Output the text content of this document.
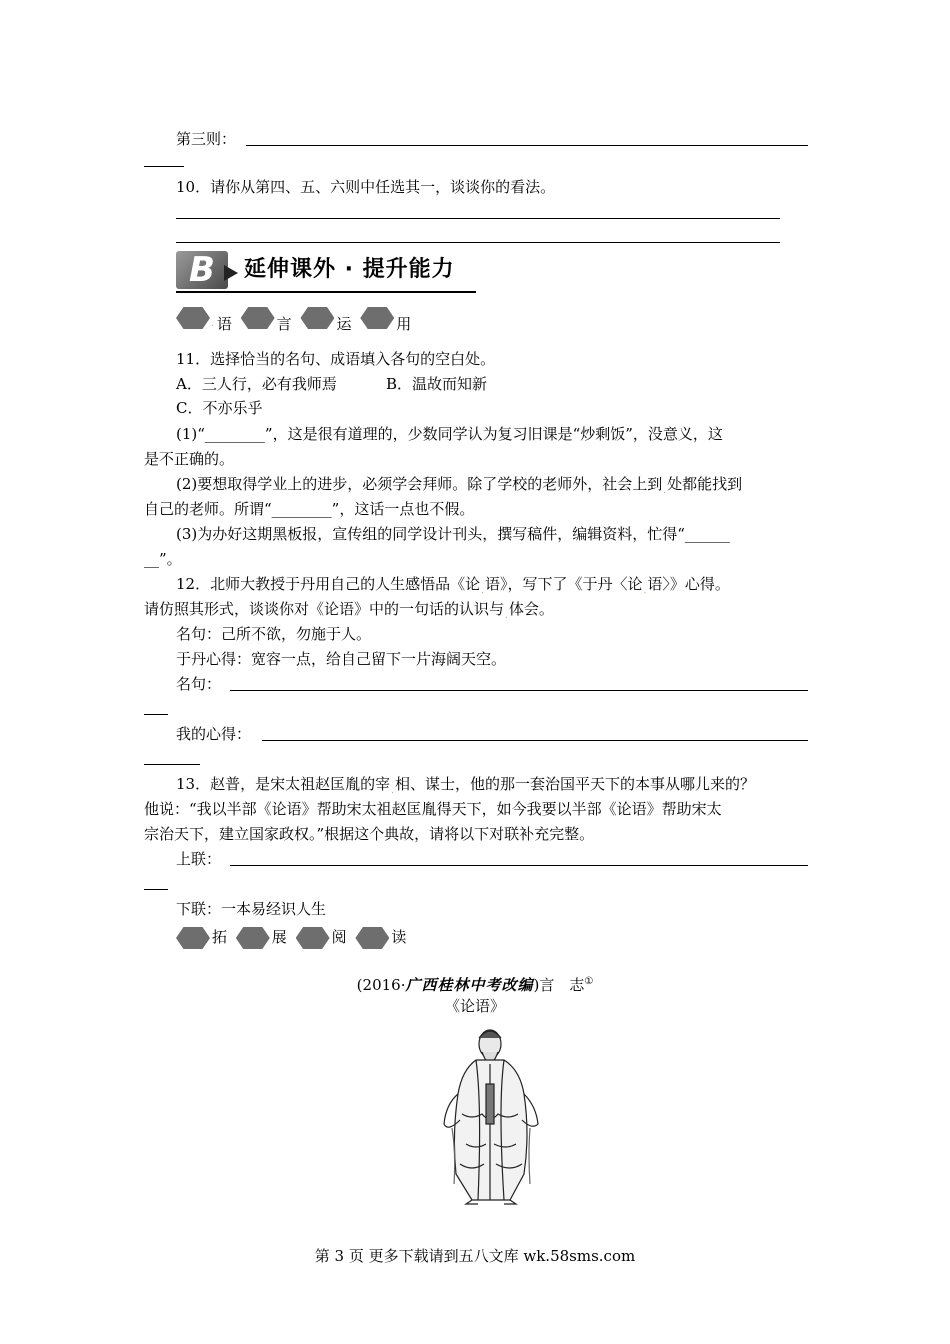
第三则：
10．请你从第四、五、六则中任选其一，谈谈你的看法。
B	延伸课外 · 提升能力
$_.$ 语	言	运	用
11．选择恰当的名句、成语填入各句的空白处。
A．三人行，必有我师焉	B．温故而知新
C．不亦乐乎
(1)“________”，这是很有道理的，少数同学认为复习旧课是“炒剩饭”，没意义，这
是不正确的。
(2)要想取得学业上的进步，必须学会拜师。除了学校的老师外，社会上到$_.$处都能找到
自己的老师。所谓“________”，这话一点也不假。
(3)为办好这期黑板报，宣传组的同学设计刊头，撰写稿件，编辑资料，忙得“______
__”。
12．北师大教授于丹用自己的人生感悟品《论$_.$语》，写下了《于丹〈论$_.$语〉》心得。
请仿照其形式，谈谈你对《论语》中的一句话的认识与$_.$体会。
名句：己所不欲，勿施于人。
于丹心得：宽容一点，给自己留下一片海阔天空。
名句：
我的心得：
13．赵普，是宋太祖赵匡胤的宰$_.$相、谋士，他的那一套治国平天下的本事从哪儿来的？
他说：“我以半部《论语》帮助宋太祖赵匡胤得天下，如今我要以半部《论语》帮助宋太
宗治天下，建立国家政权。”根据这个典故，请将以下对联补充完整。
上联：
下联：一本易经识人生
拓	展	阅	读
(2016·广西桂林中考改编)言　志①
《论语》
第 3 页 更多下载请到五八文库 wk.58sms.com
